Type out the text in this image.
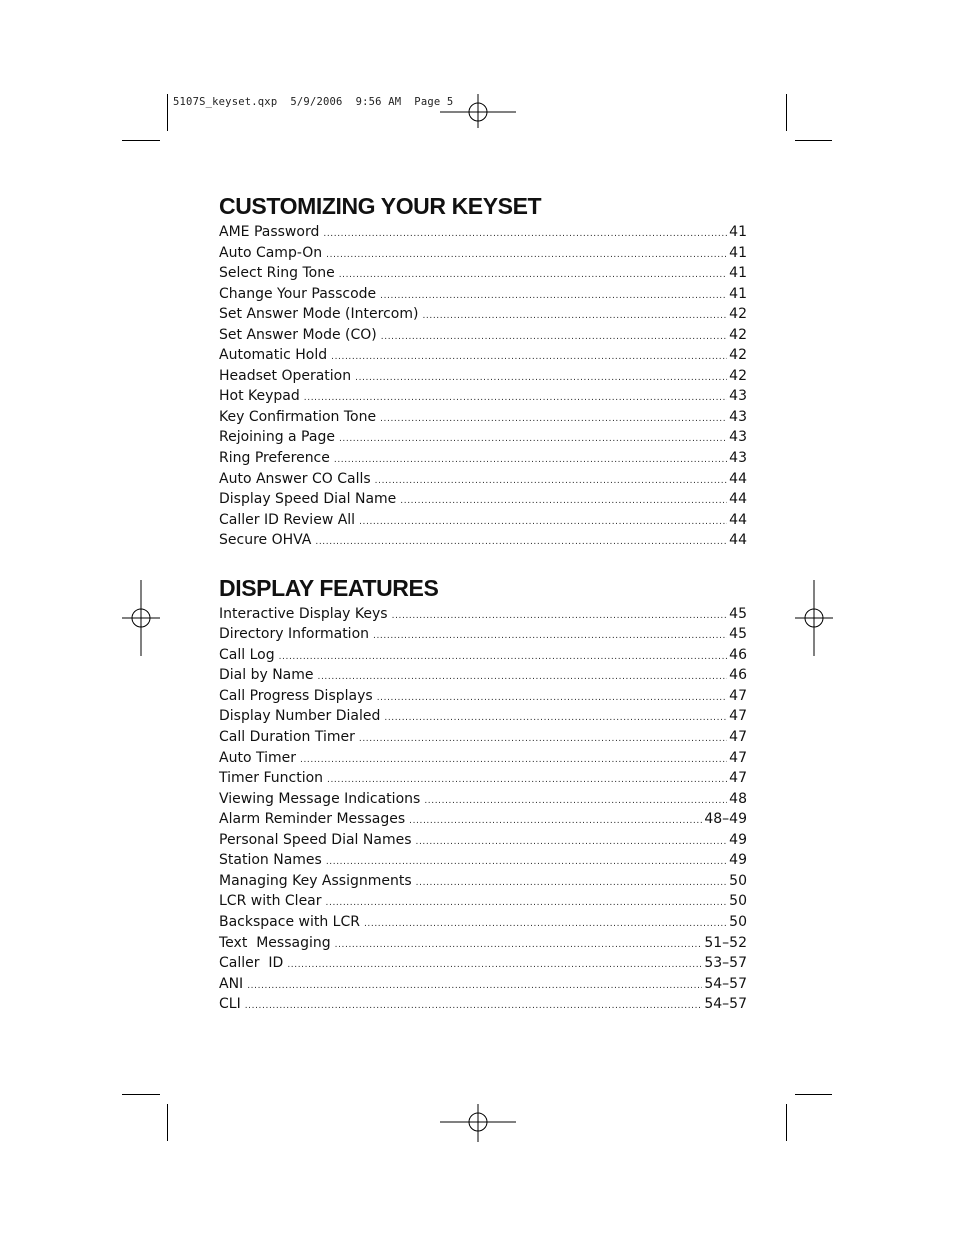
5107S_keyset.qxp  5/9/2006  9:56 AM  Page 5
CUSTOMIZING YOUR KEYSET
AME Password .....	41
Auto Camp-On .....	41
Select Ring Tone .....	41
Change Your Passcode .....	41
Set Answer Mode (Intercom) .....	42
Set Answer Mode (CO) .....	42
Automatic Hold .....	42
Headset Operation .....	42
Hot Keypad .....	43
Key Confirmation Tone .....	43
Rejoining a Page .....	43
Ring Preference .....	43
Auto Answer CO Calls .....	44
Display Speed Dial Name .....	44
Caller ID Review All .....	44
Secure OHVA .....	44
DISPLAY FEATURES
Interactive Display Keys .....	45
Directory Information .....	45
Call Log .....	46
Dial by Name .....	46
Call Progress Displays .....	47
Display Number Dialed .....	47
Call Duration Timer .....	47
Auto Timer .....	47
Timer Function .....	47
Viewing Message Indications .....	48
Alarm Reminder Messages .....	48–49
Personal Speed Dial Names .....	49
Station Names .....	49
Managing Key Assignments .....	50
LCR with Clear .....	50
Backspace with LCR .....	50
Text  Messaging .....	51–52
Caller  ID .....	53–57
ANI .....	54–57
CLI .....	54–57
